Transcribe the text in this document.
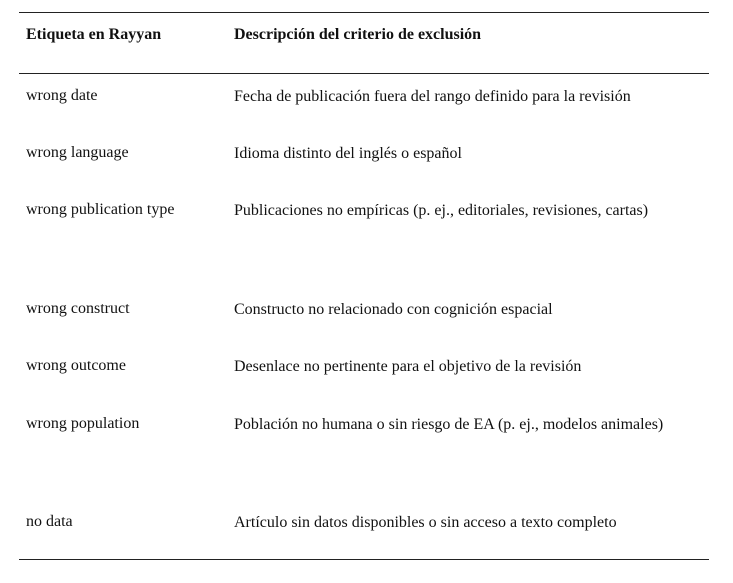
Etiqueta en Rayyan	Descripción del criterio de exclusión
wrong date	Fecha de publicación fuera del rango definido para la revisión
wrong language	Idioma distinto del inglés o español
wrong publication type	Publicaciones no empíricas (p. ej., editoriales, revisiones, cartas)
wrong construct	Constructo no relacionado con cognición espacial
wrong outcome	Desenlace no pertinente para el objetivo de la revisión
wrong population	Población no humana o sin riesgo de EA (p. ej., modelos animales)
no data	Artículo sin datos disponibles o sin acceso a texto completo
